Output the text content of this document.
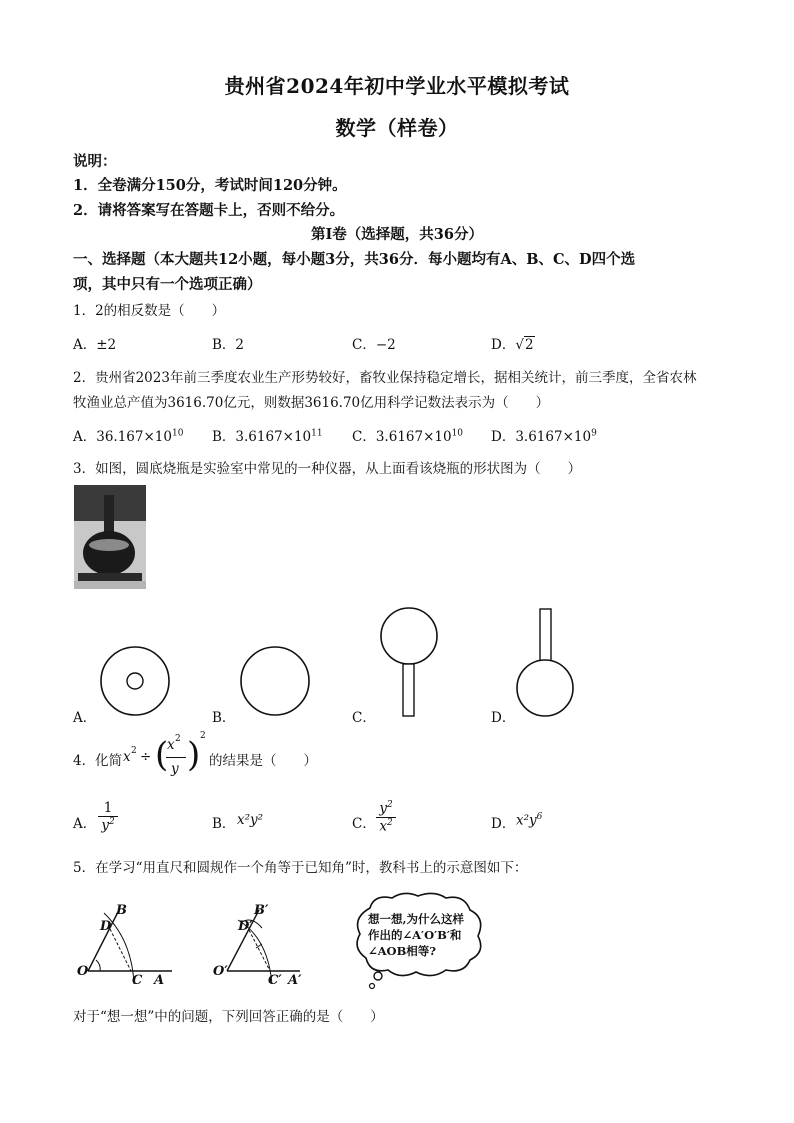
贵州省2024年初中学业水平模拟考试
数学（样卷）
说明：
1．全卷满分150分，考试时间120分钟。
2．请将答案写在答题卡上，否则不给分。
第Ⅰ卷（选择题，共36分）
一、选择题（本大题共12小题，每小题3分，共36分．每小题均有A、B、C、D四个选
项，其中只有一个选项正确）
1．2的相反数是（　　）
A．±2	B．2	C．−2	D．√2
2．贵州省2023年前三季度农业生产形势较好，畜牧业保持稳定增长，据相关统计，前三季度，全省农林
牧渔业总产值为3616.70亿元，则数据3616.70亿用科学记数法表示为（　　）
A．$36.167\times 10^{10}$ B．$3.6167\times 10^{11}$ C．$3.6167\times 10^{10}$ D．$3.6167\times 10^9$
3．如图，圆底烧瓶是实验室中常见的一种仪器，从上面看该烧瓶的形状图为（　　）
A．	B．	C．	D．
4．化简 x 2 ÷ (
x 2
y ) 2
的结果是（　　）
A．
1
$y^2$	B． x²y²	C．
$y^2$
$x^2$	D． $x^2y^6$
5．在学习“用直尺和圆规作一个角等于已知角”时，教科书上的示意图如下：
O
B
D
C A
O′
B′
D′
C′ A′
想一想,为什么这样
作出的∠A′O′B′和
∠AOB相等?
对于“想一想”中的问题，下列回答正确的是（　　）
